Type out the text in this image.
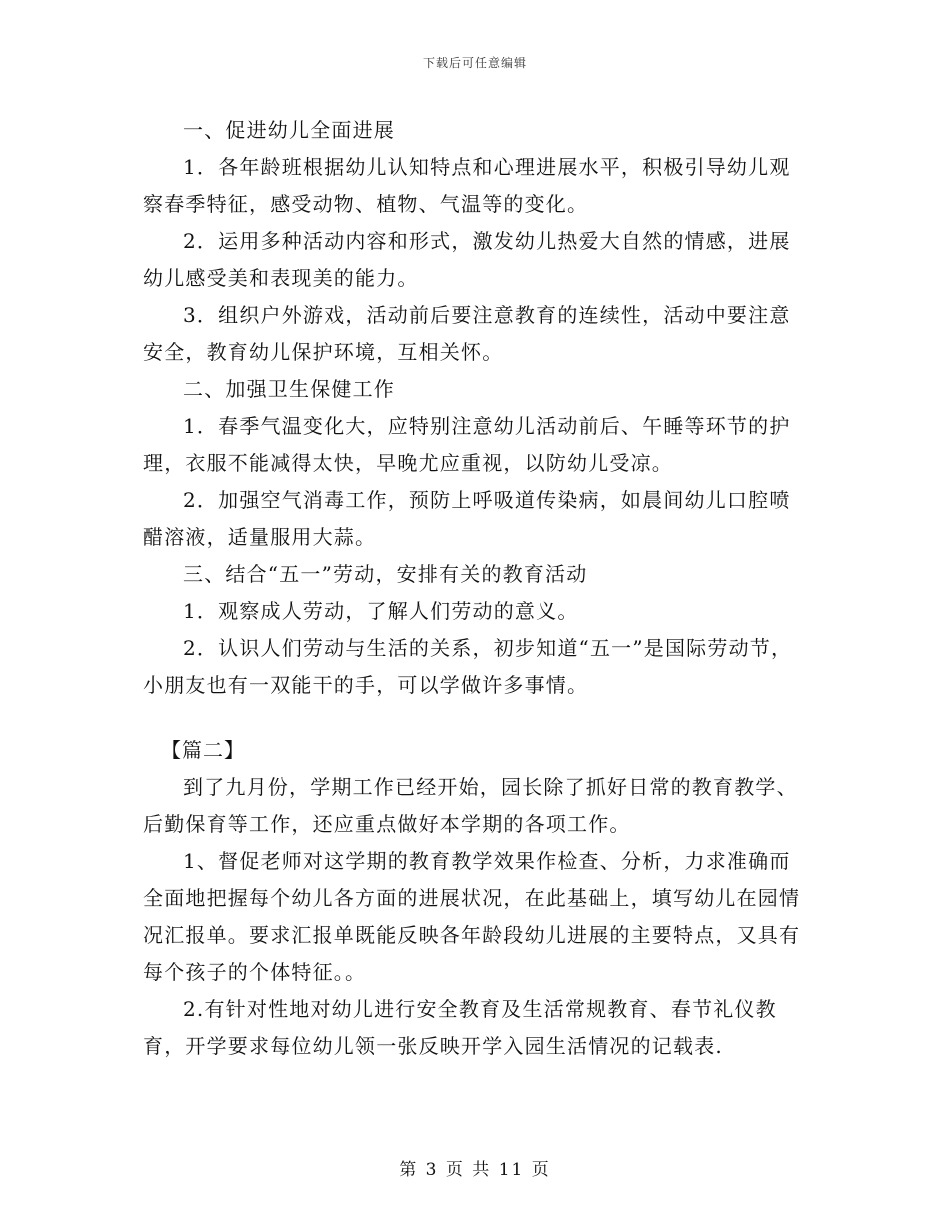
下载后可任意编辑

一、促进幼儿全面进展

1．各年龄班根据幼儿认知特点和心理进展水平，积极引导幼儿观察春季特征，感受动物、植物、气温等的变化。

2．运用多种活动内容和形式，激发幼儿热爱大自然的情感，进展幼儿感受美和表现美的能力。

3．组织户外游戏，活动前后要注意教育的连续性，活动中要注意安全，教育幼儿保护环境，互相关怀。

二、加强卫生保健工作

1．春季气温变化大，应特别注意幼儿活动前后、午睡等环节的护理，衣服不能减得太快，早晚尤应重视，以防幼儿受凉。

2．加强空气消毒工作，预防上呼吸道传染病，如晨间幼儿口腔喷醋溶液，适量服用大蒜。

三、结合“五一”劳动，安排有关的教育活动

1．观察成人劳动，了解人们劳动的意义。

2．认识人们劳动与生活的关系，初步知道“五一”是国际劳动节，小朋友也有一双能干的手，可以学做许多事情。

【篇二】

到了九月份，学期工作已经开始，园长除了抓好日常的教育教学、后勤保育等工作，还应重点做好本学期的各项工作。

1、督促老师对这学期的教育教学效果作检查、分析，力求准确而全面地把握每个幼儿各方面的进展状况，在此基础上，填写幼儿在园情况汇报单。要求汇报单既能反映各年龄段幼儿进展的主要特点，又具有每个孩子的个体特征。。

2.有针对性地对幼儿进行安全教育及生活常规教育、春节礼仪教育，开学要求每位幼儿领一张反映开学入园生活情况的记载表.

第 3 页 共 11 页
